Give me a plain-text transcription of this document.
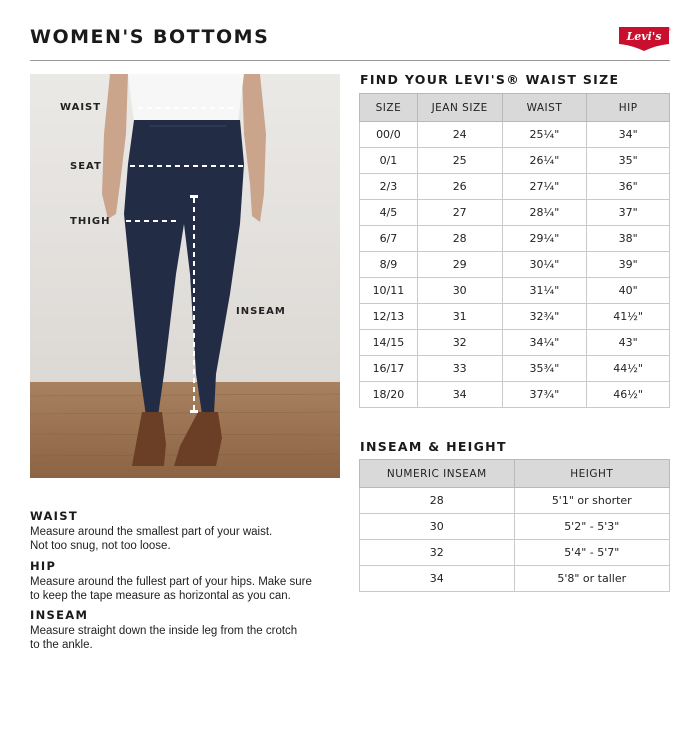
WOMEN'S BOTTOMS	Levi's
®
WAIST
SEAT
THIGH
INSEAM
WAIST

Measure around the smallest part of your waist.
Not too snug, not too loose.

HIP

Measure around the fullest part of your hips. Make sure
to keep the tape measure as horizontal as you can.

INSEAM

Measure straight down the inside leg from the crotch
to the ankle.

FIND YOUR LEVI'S® WAIST SIZE
SIZE	JEAN SIZE	WAIST	HIP
00/0	24	25¼"	34"
0/1	25	26¼"	35"
2/3	26	27¼"	36"
4/5	27	28¼"	37"
6/7	28	29¼"	38"
8/9	29	30¼"	39"
10/11	30	31¼"	40"
12/13	31	32¾"	41½"
14/15	32	34¼"	43"
16/17	33	35¾"	44½"
18/20	34	37¾"	46½"
INSEAM & HEIGHT
NUMERIC INSEAM	HEIGHT
28	5'1" or shorter
30	5'2" - 5'3"
32	5'4" - 5'7"
34	5'8" or taller
